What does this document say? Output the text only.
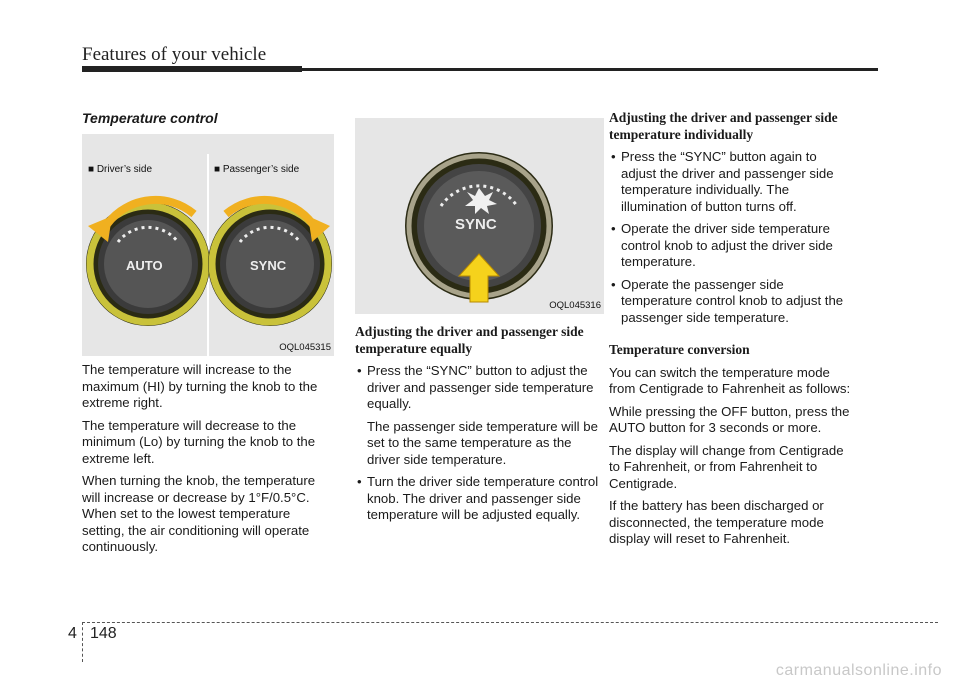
Features of your vehicle
Temperature control
■ Driver’s side	■ Passenger’s side
AUTO	SYNC
OQL045315
The temperature will increase to the maximum (HI) by turning the knob to the extreme right.
The temperature will decrease to the minimum (Lo) by turning the knob to the extreme left.
When turning the knob, the temperature will increase or decrease by 1°F/0.5°C. When set to the lowest temperature setting, the air conditioning will operate continuously.
SYNC
OQL045316
Adjusting the driver and passenger side temperature equally
• Press the “SYNC” button to adjust the driver and passenger side temperature equally.
The passenger side temperature will be set to the same temperature as the driver side temperature.
• Turn the driver side temperature control knob. The driver and passenger side temperature will be adjusted equally.
Adjusting the driver and passenger side temperature individually
• Press the “SYNC” button again to adjust the driver and passenger side temperature individually. The illumination of button turns off.
• Operate the driver side temperature control knob to adjust the driver side temperature.
• Operate the passenger side temperature control knob to adjust the passenger side temperature.
Temperature conversion
You can switch the temperature mode from Centigrade to Fahrenheit as follows:
While pressing the OFF button, press the AUTO button for 3 seconds or more.
The display will change from Centigrade to Fahrenheit, or from Fahrenheit to Centigrade.
If the battery has been discharged or disconnected, the temperature mode display will reset to Fahrenheit.
4 148
carmanualsonline.info
